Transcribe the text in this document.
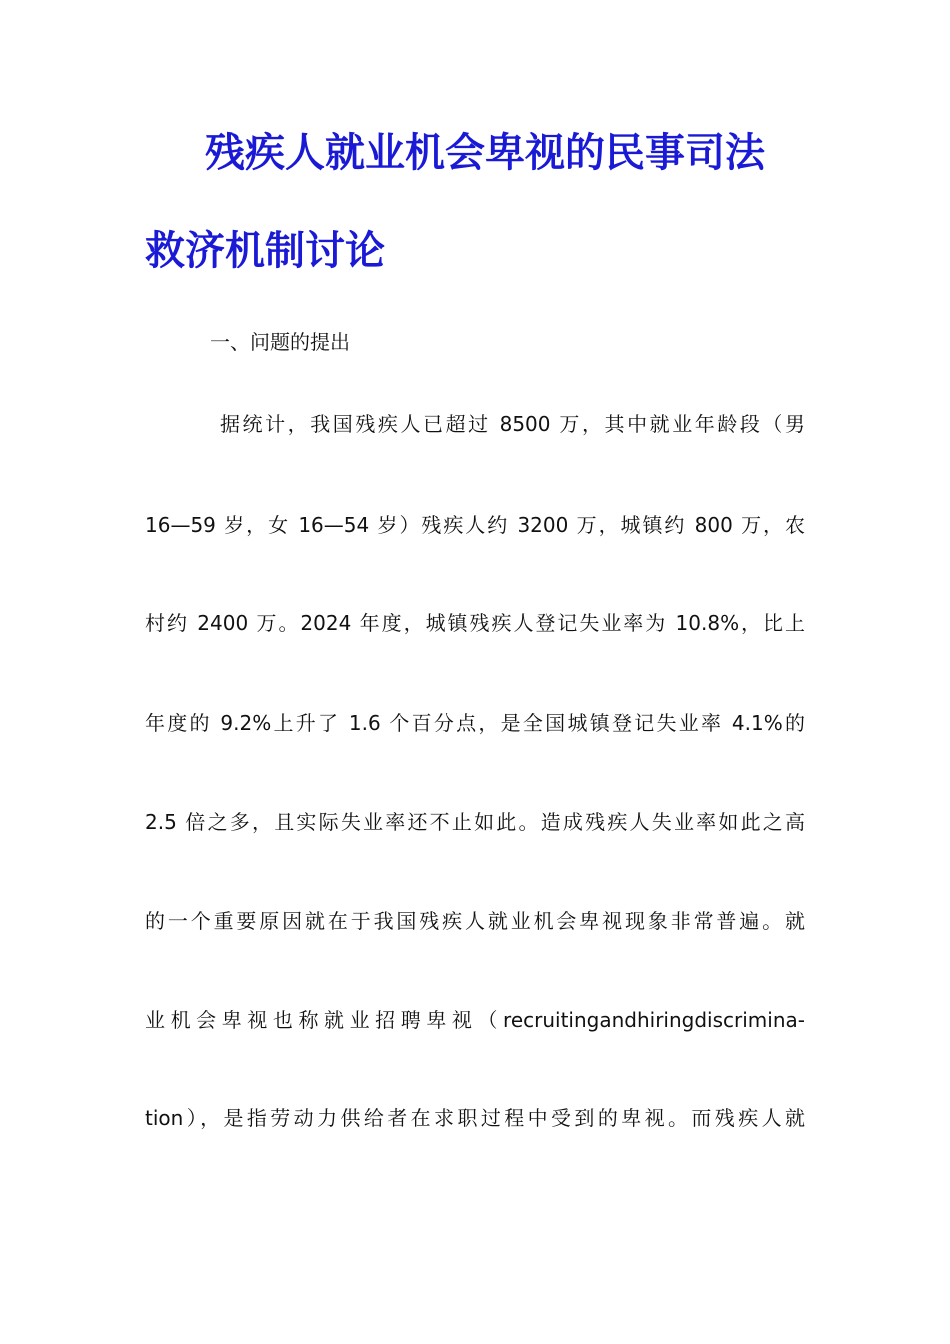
残疾人就业机会卑视的民事司法
救济机制讨论
一、问题的提出
据统计，我国残疾人已超过 8500 万，其中就业年龄段（男
16—59 岁，女 16—54 岁）残疾人约 3200 万，城镇约 800 万，农
村约 2400 万。2024 年度，城镇残疾人登记失业率为 10.8%，比上
年度的 9.2%上升了 1.6 个百分点，是全国城镇登记失业率 4.1%的
2.5 倍之多，且实际失业率还不止如此。造成残疾人失业率如此之高
的一个重要原因就在于我国残疾人就业机会卑视现象非常普遍。就
业机会卑视也称就业招聘卑视（recruitingandhiringdiscrimina-
tion），是指劳动力供给者在求职过程中受到的卑视。而残疾人就
